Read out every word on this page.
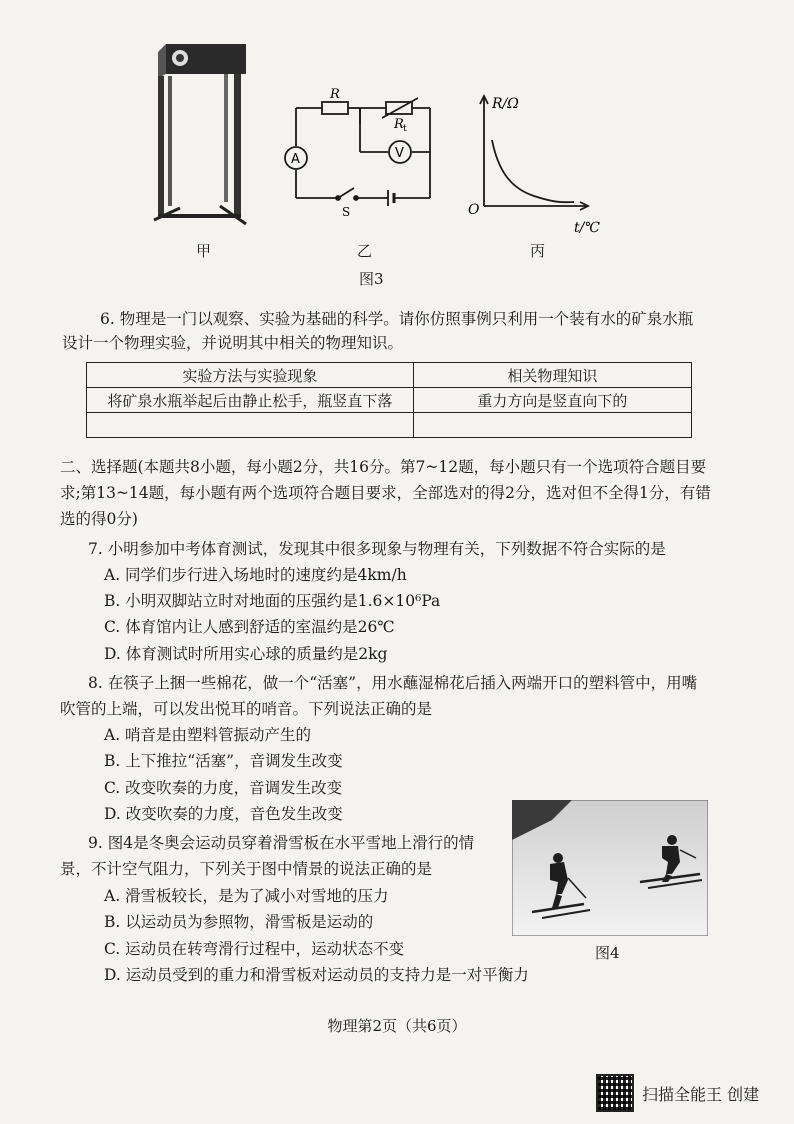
甲
R
R t
A	V
S
乙
R/Ω
O
t/℃
丙
图3
6. 物理是一门以观察、实验为基础的科学。请你仿照事例只利用一个装有水的矿泉水瓶
设计一个物理实验，并说明其中相关的物理知识。
实验方法与实验现象	相关物理知识
将矿泉水瓶举起后由静止松手，瓶竖直下落	重力方向是竖直向下的

二、选择题(本题共8小题，每小题2分，共16分。第7~12题，每小题只有一个选项符合题目要
求;第13~14题，每小题有两个选项符合题目要求，全部选对的得2分，选对但不全得1分，有错
选的得0分)
7. 小明参加中考体育测试，发现其中很多现象与物理有关，下列数据不符合实际的是
A. 同学们步行进入场地时的速度约是4km/h
B. 小明双脚站立时对地面的压强约是1.6×10⁶Pa
C. 体育馆内让人感到舒适的室温约是26℃
D. 体育测试时所用实心球的质量约是2kg
8. 在筷子上捆一些棉花，做一个“活塞”，用水蘸湿棉花后插入两端开口的塑料管中，用嘴
吹管的上端，可以发出悦耳的哨音。下列说法正确的是
A. 哨音是由塑料管振动产生的
B. 上下推拉“活塞”，音调发生改变
C. 改变吹奏的力度，音调发生改变
D. 改变吹奏的力度，音色发生改变
图4
9. 图4是冬奥会运动员穿着滑雪板在水平雪地上滑行的情
景，不计空气阻力，下列关于图中情景的说法正确的是
A. 滑雪板较长，是为了减小对雪地的压力
B. 以运动员为参照物，滑雪板是运动的
C. 运动员在转弯滑行过程中，运动状态不变
D. 运动员受到的重力和滑雪板对运动员的支持力是一对平衡力
物理第2页（共6页）
扫描全能王 创建
